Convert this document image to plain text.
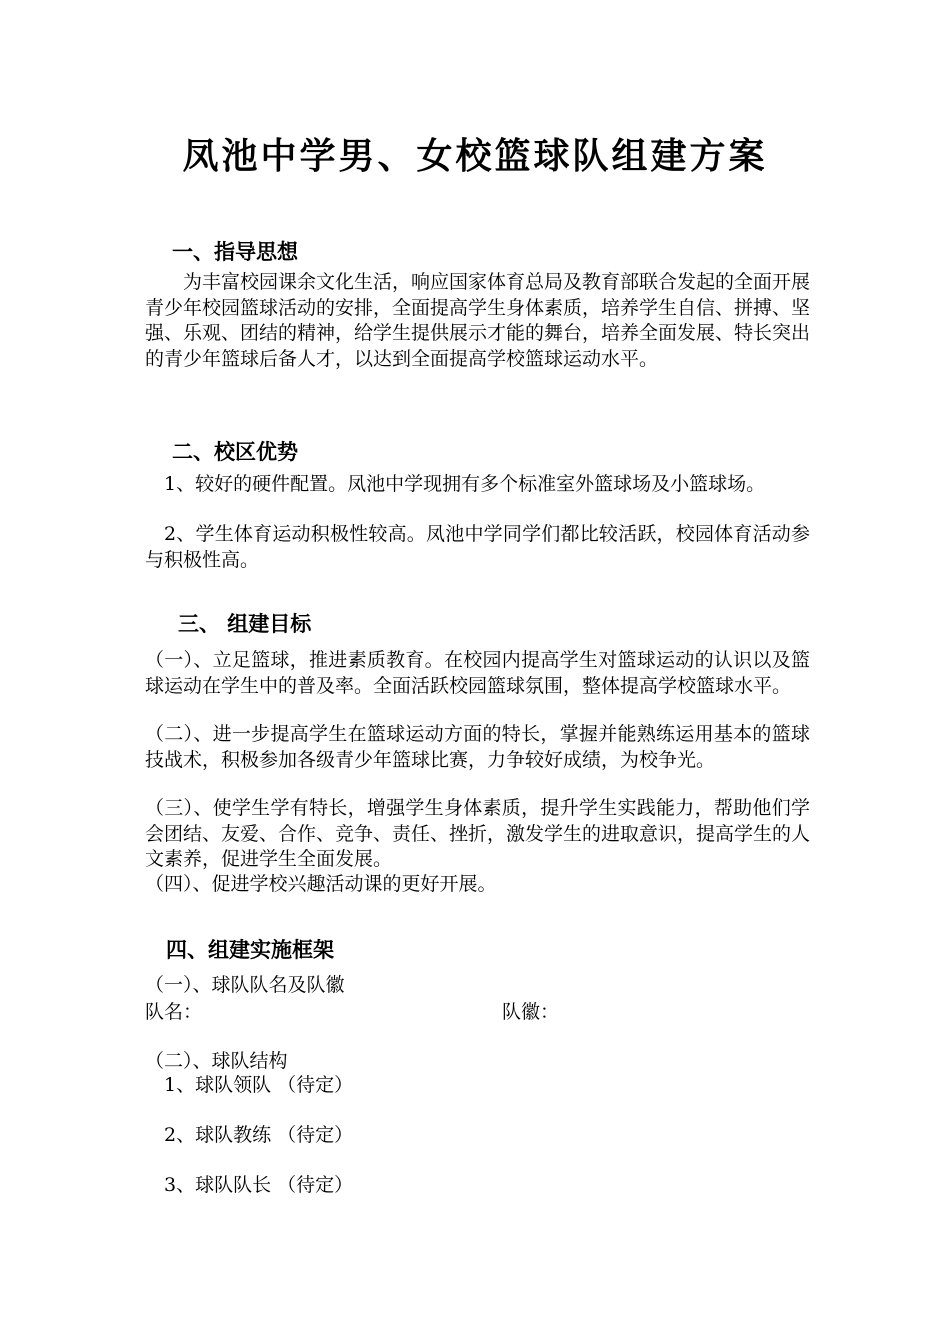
凤池中学男、女校篮球队组建方案
一、指导思想
为丰富校园课余文化生活，响应国家体育总局及教育部联合发起的全面开展青少年校园篮球活动的安排，全面提高学生身体素质，培养学生自信、拼搏、坚强、乐观、团结的精神，给学生提供展示才能的舞台，培养全面发展、特长突出的青少年篮球后备人才，以达到全面提高学校篮球运动水平。
二、校区优势
1、较好的硬件配置。凤池中学现拥有多个标准室外篮球场及小篮球场。
2、学生体育运动积极性较高。凤池中学同学们都比较活跃，校园体育活动参与积极性高。
三、 组建目标
（一）、立足篮球，推进素质教育。在校园内提高学生对篮球运动的认识以及篮球运动在学生中的普及率。全面活跃校园篮球氛围，整体提高学校篮球水平。
（二）、进一步提高学生在篮球运动方面的特长，掌握并能熟练运用基本的篮球技战术，积极参加各级青少年篮球比赛，力争较好成绩，为校争光。
（三）、使学生学有特长，增强学生身体素质，提升学生实践能力，帮助他们学会团结、友爱、合作、竞争、责任、挫折，激发学生的进取意识，提高学生的人文素养，促进学生全面发展。
（四）、促进学校兴趣活动课的更好开展。
四、组建实施框架
（一）、球队队名及队徽
队名：	队徽：
（二）、球队结构
1、球队领队 （待定）
2、球队教练 （待定）
3、球队队长 （待定）
